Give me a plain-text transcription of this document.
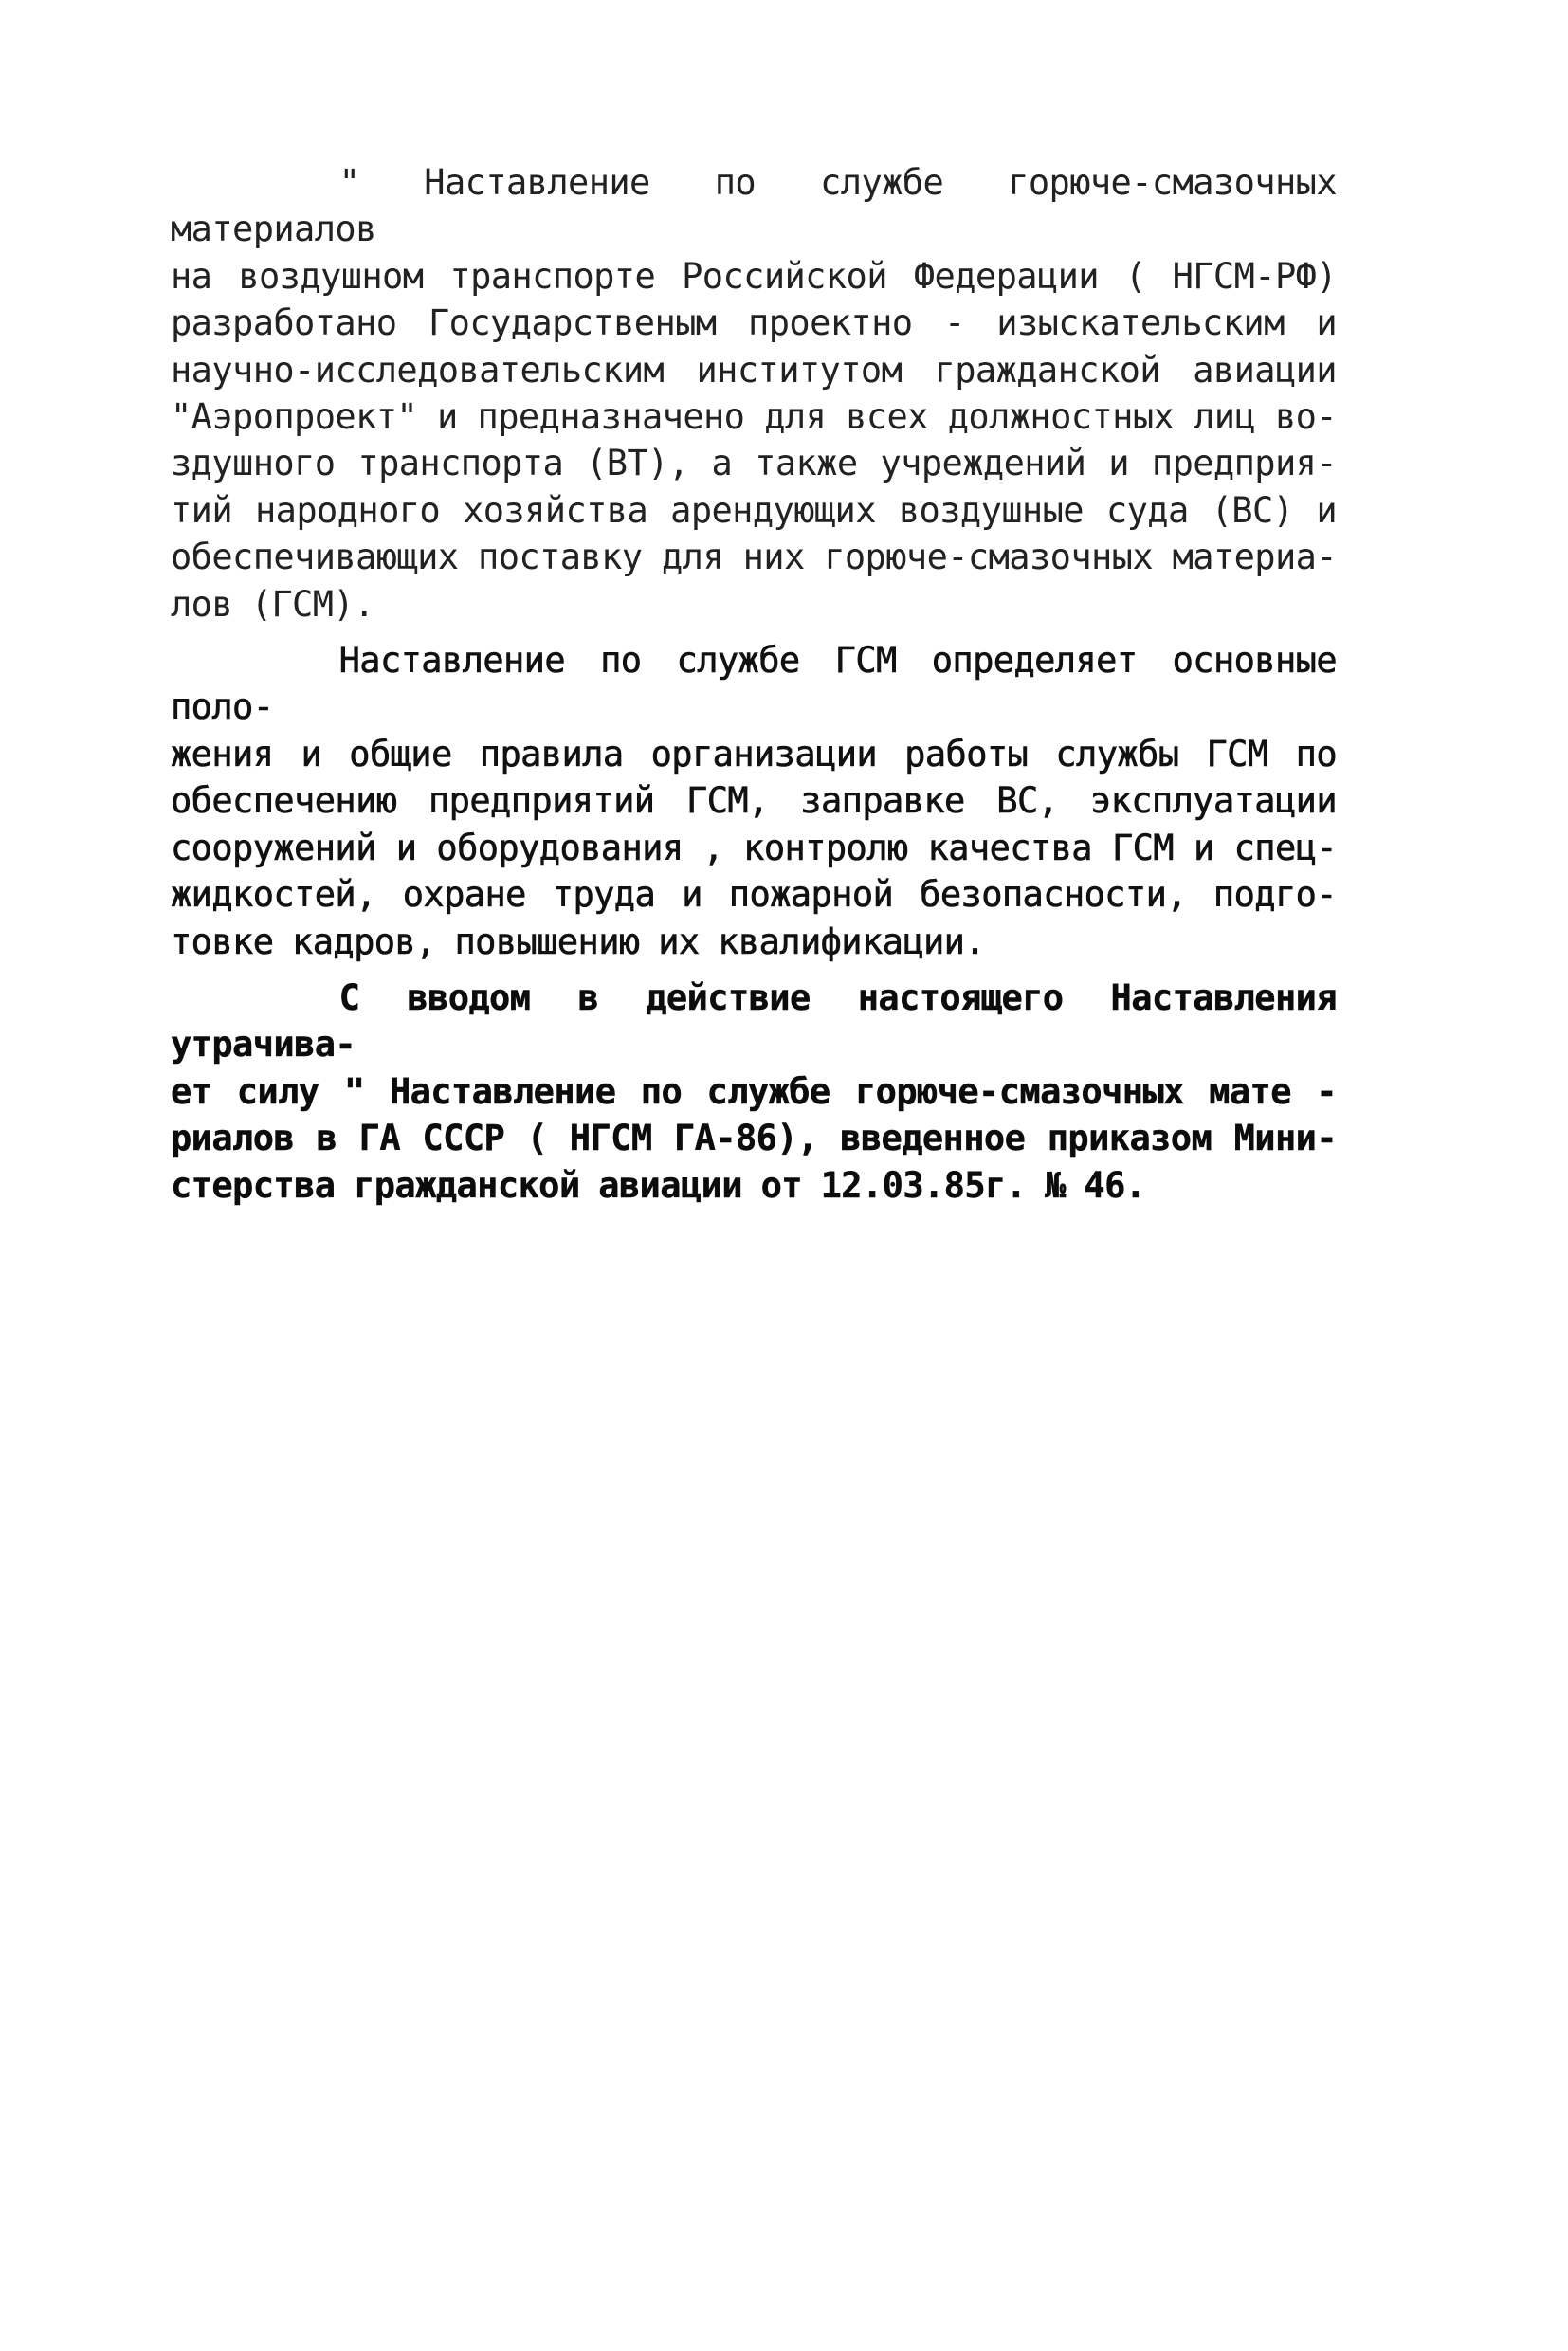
" Наставление по службе горюче-смазочных материалов
на воздушном транспорте Российской Федерации ( НГСМ-РФ)
разработано Государственым проектно - изыскательским и
научно-исследовательским институтом гражданской авиации
"Аэропроект" и предназначено для всех должностных лиц во-
здушного транспорта (ВТ), а также учреждений и предприя-
тий народного хозяйства арендующих воздушные суда (ВС) и
обеспечивающих поставку для них горюче-смазочных материа-
лов (ГСМ).
Наставление по службе ГСМ определяет основные поло-
жения и общие правила организации работы службы ГСМ по
обеспечению предприятий ГСМ, заправке ВС, эксплуатации
сооружений и оборудования , контролю качества ГСМ и спец-
жидкостей, охране труда и пожарной безопасности, подго-
товке кадров, повышению их квалификации.
С вводом в действие настоящего Наставления утрачива-
ет силу " Наставление по службе горюче-смазочных мате -
риалов в ГА СССР ( НГСМ ГА-86), введенное приказом Мини-
стерства гражданской авиации от 12.03.85г. № 46.
